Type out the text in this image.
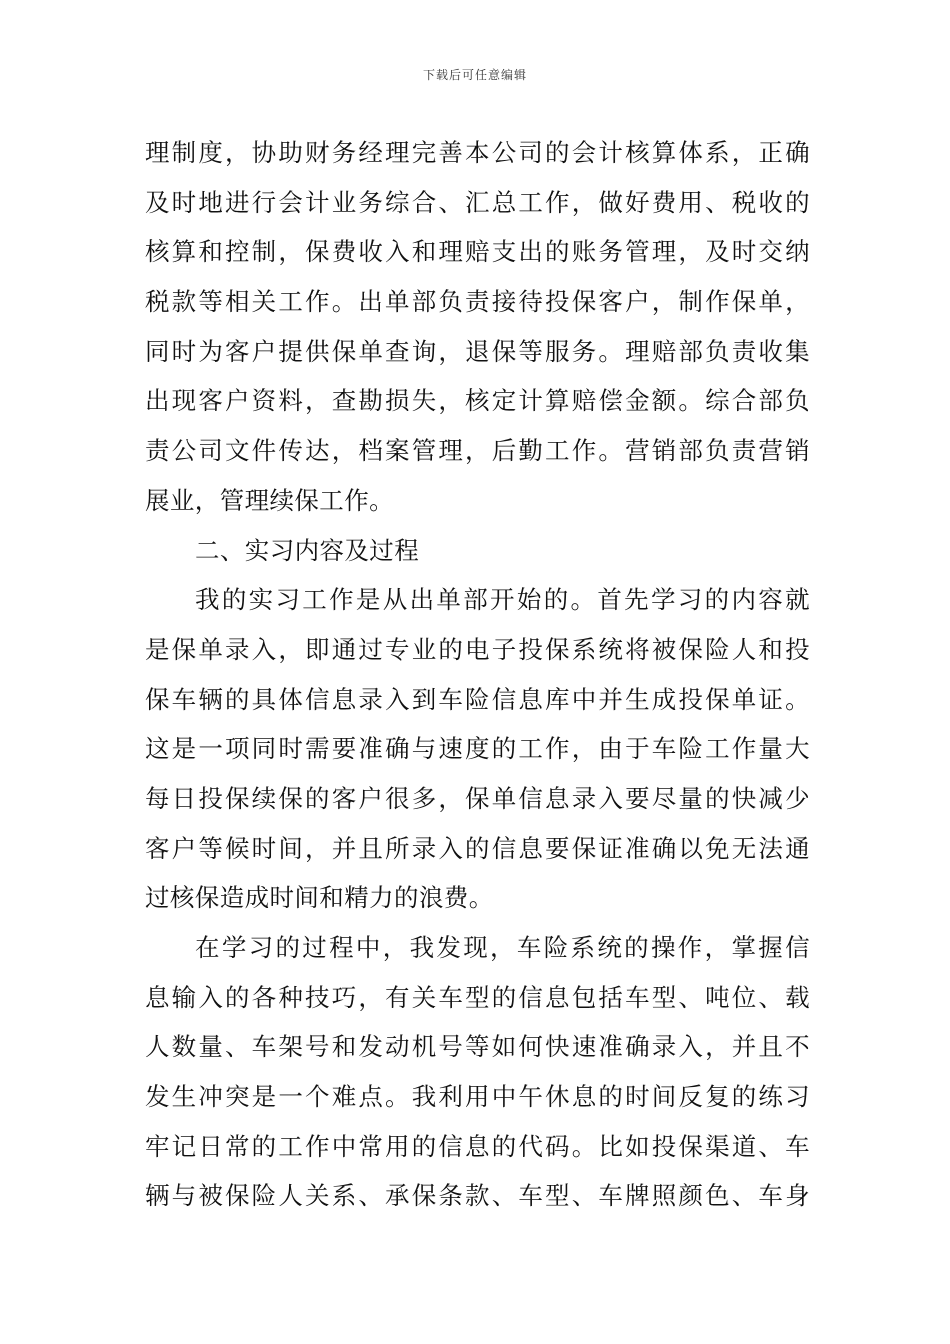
下载后可任意编辑
理制度，协助财务经理完善本公司的会计核算体系，正确
及时地进行会计业务综合、汇总工作，做好费用、税收的
核算和控制，保费收入和理赔支出的账务管理，及时交纳
税款等相关工作。出单部负责接待投保客户，制作保单，
同时为客户提供保单查询，退保等服务。理赔部负责收集
出现客户资料，查勘损失，核定计算赔偿金额。综合部负
责公司文件传达，档案管理，后勤工作。营销部负责营销
展业，管理续保工作。
二、实习内容及过程
我的实习工作是从出单部开始的。首先学习的内容就
是保单录入，即通过专业的电子投保系统将被保险人和投
保车辆的具体信息录入到车险信息库中并生成投保单证。
这是一项同时需要准确与速度的工作，由于车险工作量大
每日投保续保的客户很多，保单信息录入要尽量的快减少
客户等候时间，并且所录入的信息要保证准确以免无法通
过核保造成时间和精力的浪费。
在学习的过程中，我发现，车险系统的操作，掌握信
息输入的各种技巧，有关车型的信息包括车型、吨位、载
人数量、车架号和发动机号等如何快速准确录入，并且不
发生冲突是一个难点。我利用中午休息的时间反复的练习
牢记日常的工作中常用的信息的代码。比如投保渠道、车
辆与被保险人关系、承保条款、车型、车牌照颜色、车身
